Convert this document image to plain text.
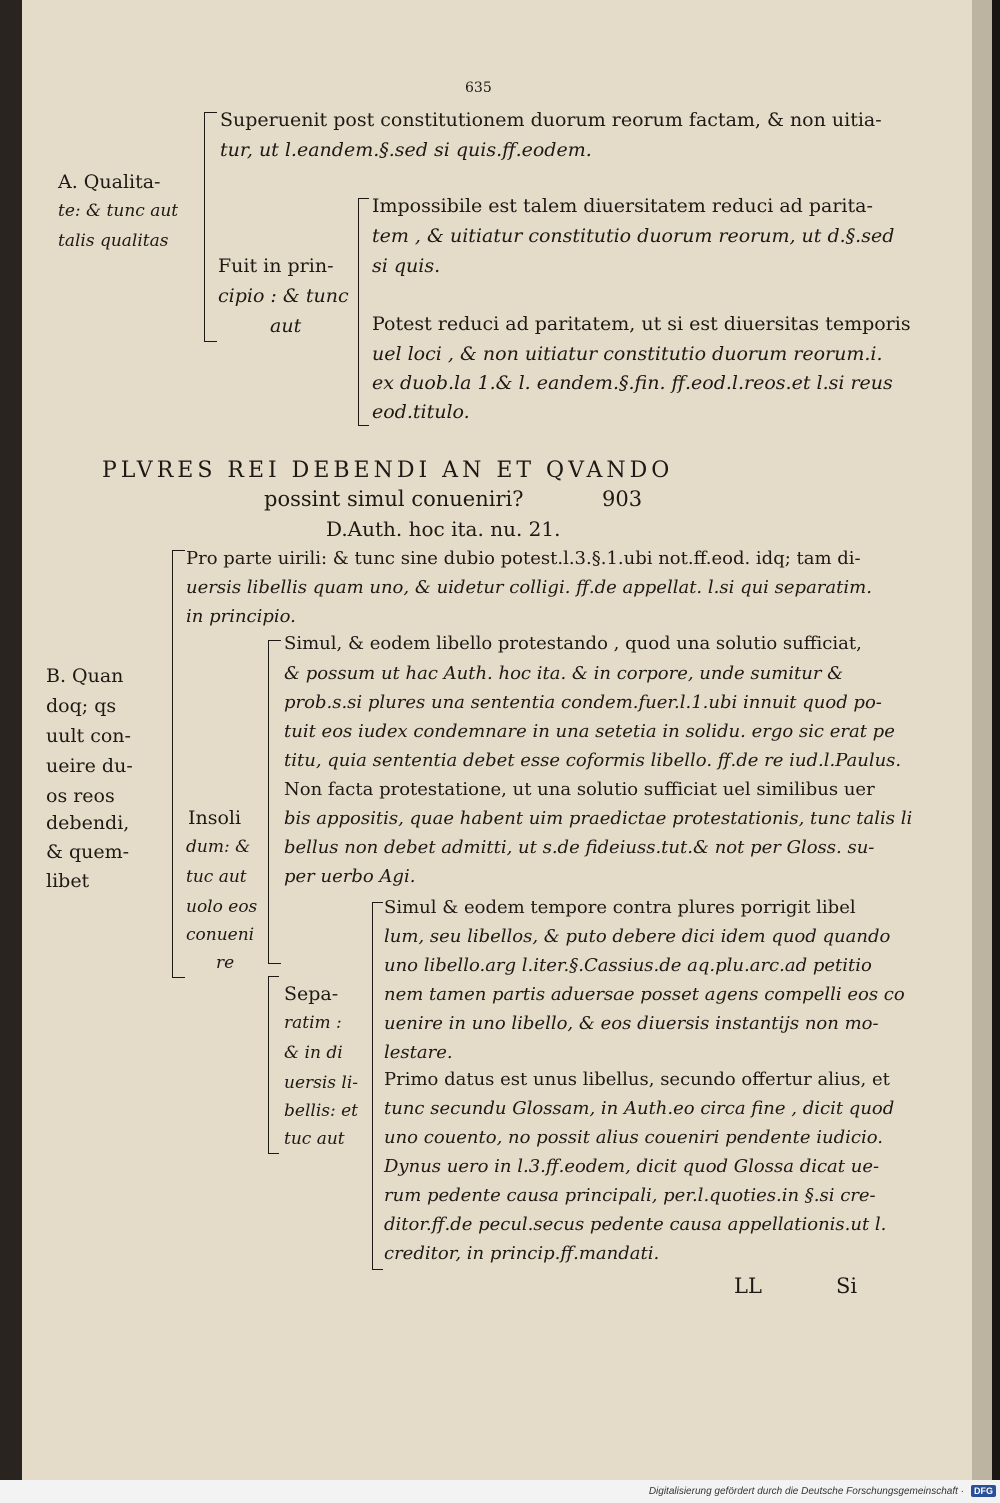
635
A. Qualita-
te: & tunc aut
talis qualitas
Superuenit post constitutionem duorum reorum factam, & non uitia-
tur, ut l.eandem.§.sed si quis.ff.eodem.
Fuit in prin-
cipio : & tunc
aut
Impossibile est talem diuersitatem reduci ad parita-
tem , & uitiatur constitutio duorum reorum, ut d.§.sed
si quis.
Potest reduci ad paritatem, ut si est diuersitas temporis
uel loci , & non uitiatur constitutio duorum reorum.i.
ex duob.la 1.& l. eandem.§.fin. ff.eod.l.reos.et l.si reus
eod.titulo.
PLVRES REI DEBENDI AN ET QVANDO
possint simul conueniri?	903
D.Auth. hoc ita. nu. 21.
Pro parte uirili: & tunc sine dubio potest.l.3.§.1.ubi not.ff.eod. idq; tam di-
uersis libellis quam uno, & uidetur colligi. ff.de appellat. l.si qui separatim.
in principio.
B. Quan
doq; qs
uult con-
ueire du-
os reos
debendi,
& quem-
libet
Insoli
dum: &
tuc aut
uolo eos
conueni
re
Simul, & eodem libello protestando , quod una solutio sufficiat,
& possum ut hac Auth. hoc ita. & in corpore, unde sumitur &
prob.s.si plures una sententia condem.fuer.l.1.ubi innuit quod po-
tuit eos iudex condemnare in una setetia in solidu. ergo sic erat pe
titu, quia sententia debet esse coformis libello. ff.de re iud.l.Paulus.
Non facta protestatione, ut una solutio sufficiat uel similibus uer
bis appositis, quae habent uim praedictae protestationis, tunc talis li
bellus non debet admitti, ut s.de fideiuss.tut.& not per Gloss. su-
per uerbo Agi.
Sepa-
ratim :
& in di
uersis li-
bellis: et
tuc aut
Simul & eodem tempore contra plures porrigit libel
lum, seu libellos, & puto debere dici idem quod quando
uno libello.arg l.iter.§.Cassius.de aq.plu.arc.ad petitio
nem tamen partis aduersae posset agens compelli eos co
uenire in uno libello, & eos diuersis instantijs non mo-
lestare.
Primo datus est unus libellus, secundo offertur alius, et
tunc secundu Glossam, in Auth.eo circa fine , dicit quod
uno couento, no possit alius coueniri pendente iudicio.
Dynus uero in l.3.ff.eodem, dicit quod Glossa dicat ue-
rum pedente causa principali, per.l.quoties.in §.si cre-
ditor.ff.de pecul.secus pedente causa appellationis.ut l.
creditor, in princip.ff.mandati.
LL	Si
Digitalisierung gefördert durch die Deutsche Forschungsgemeinschaft ·	DFG
